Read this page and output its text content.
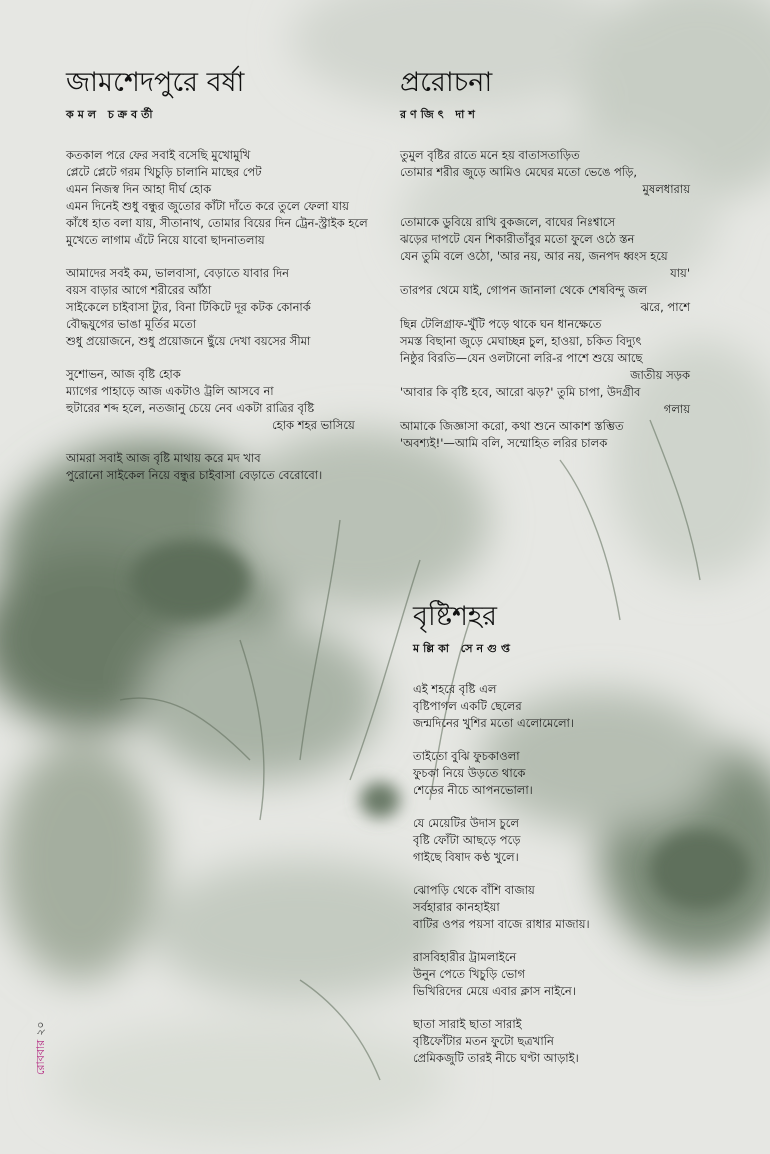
জামশেদপুরে বর্ষা
কমল চক্রবর্তী
কতকাল পরে ফের সবাই বসেছি মুখোমুখি
প্লেটে প্লেটে গরম খিচুড়ি চালানি মাছের পেট
এমন নিজস্ব দিন আহা দীর্ঘ হোক
এমন দিনেই শুধু বন্ধুর জুতোর কাঁটা দাঁতে করে তুলে ফেলা যায়
কাঁধে হাত বলা যায়, সীতানাথ, তোমার বিয়ের দিন ট্রেন-স্ট্রাইক হলে
মুখেতে লাগাম এঁটে নিয়ে যাবো ছাদনাতলায়
আমাদের সবই কম, ভালবাসা, বেড়াতে যাবার দিন
বয়স বাড়ার আগে শরীরের আঁঠা
সাইকেলে চাইবাসা ট্যুর, বিনা টিকিটে দূর কটক কোনার্ক
বৌদ্ধযুগের ভাঙা মূর্তির মতো
শুধু প্রয়োজনে, শুধু প্রয়োজনে ছুঁয়ে দেখা বয়সের সীমা
সুশোভন, আজ বৃষ্টি হোক
ম্যাগের পাহাড়ে আজ একটাও ট্রলি আসবে না
হুটারের শব্দ হলে, নতজানু চেয়ে নেব একটা রাত্রির বৃষ্টি
হোক শহর ভাসিয়ে
আমরা সবাই আজ বৃষ্টি মাথায় করে মদ খাব
পুরোনো সাইকেল নিয়ে বন্ধুর চাইবাসা বেড়াতে বেরোবো।
প্ররোচনা
রণজিৎ দাশ
তুমুল বৃষ্টির রাতে মনে হয় বাতাসতাড়িত
তোমার শরীর জুড়ে আমিও মেঘের মতো ভেঙে পড়ি,
মুষলধারায়
তোমাকে ডুবিয়ে রাখি বুকজলে, বাঘের নিঃশ্বাসে
ঝড়ের দাপটে যেন শিকারীতাঁবুর মতো ফুলে ওঠে স্তন
যেন তুমি বলে ওঠো, 'আর নয়, আর নয়, জনপদ ধ্বংস হয়ে
যায়'
তারপর থেমে যাই, গোপন জানালা থেকে শেষবিন্দু জল
ঝরে, পাশে
ছিন্ন টেলিগ্রাফ-খুঁটি পড়ে থাকে ঘন ধানক্ষেতে
সমস্ত বিছানা জুড়ে মেঘাচ্ছন্ন চুল, হাওয়া, চকিত বিদ্যুৎ
নিষ্ঠুর বিরতি—যেন ওলটানো লরি-র পাশে শুয়ে আছে
জাতীয় সড়ক
'আবার কি বৃষ্টি হবে, আরো ঝড়?' তুমি চাপা, উদগ্রীব
গলায়
আমাকে জিজ্ঞাসা করো, কথা শুনে আকাশ স্তম্ভিত
'অবশ্যই!'—আমি বলি, সম্মোহিত লরির চালক
বৃষ্টিশহর
মল্লিকা সেনগুপ্ত
এই শহরে বৃষ্টি এল
বৃষ্টিপাগল একটি ছেলের
জন্মদিনের খুশির মতো এলোমেলো।
তাইতো বুঝি ফুচকাওলা
ফুচকা নিয়ে উড়তে থাকে
শেডের নীচে আপনভোলা।
যে মেয়েটির উদাস চুলে
বৃষ্টি ফোঁটা আছড়ে পড়ে
গাইছে বিষাদ কণ্ঠ খুলে।
ঝোপড়ি থেকে বাঁশি বাজায়
সর্বহারার কানহাইয়া
বাটির ওপর পয়সা বাজে রাধার মাজায়।
রাসবিহারীর ট্রামলাইনে
উনুন পেতে খিচুড়ি ভোগ
ভিখিরিদের মেয়ে এবার ক্লাস নাইনে।
ছাতা সারাই ছাতা সারাই
বৃষ্টিফোঁটার মতন ফুটো ছত্রখানি
প্রেমিকজুটি তারই নীচে ঘণ্টা আড়াই।
রোববার২০
